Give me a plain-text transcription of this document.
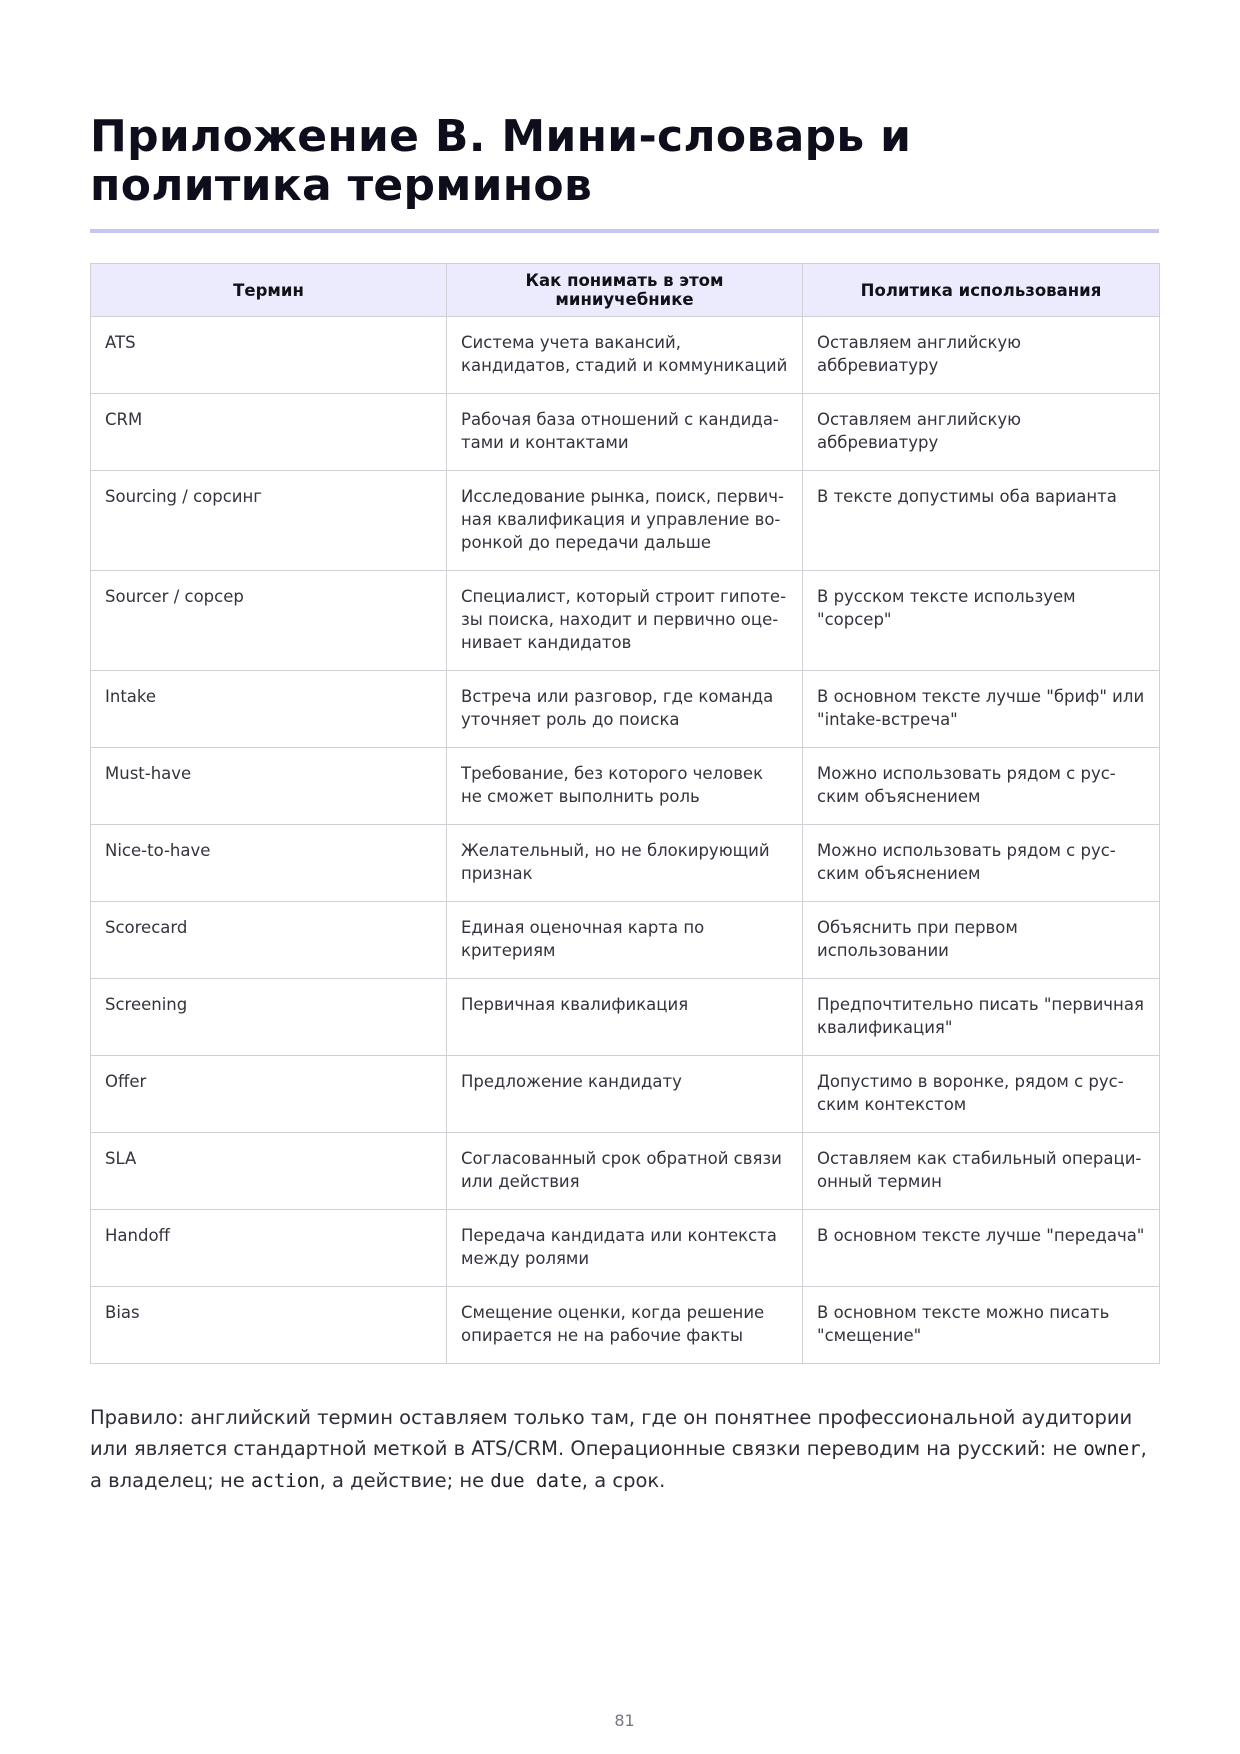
Приложение В. Мини-словарь и политика терминов
Термин	Как понимать в этом миниучебнике	Политика использования
ATS	Система учета вакансий, кандидатов, стадий и коммуникаций	Оставляем английскую аббревиатуру
CRM	Рабочая база отношений с кандида-тами и контактами	Оставляем английскую аббревиатуру
Sourcing / сорсинг	Исследование рынка, поиск, первич-ная квалификация и управление во-ронкой до передачи дальше	В тексте допустимы оба варианта
Sourcer / сорсер	Специалист, который строит гипоте-зы поиска, находит и первично оце-нивает кандидатов	В русском тексте используем "сорсер"
Intake	Встреча или разговор, где команда уточняет роль до поиска	В основном тексте лучше "бриф" или "intake-встреча"
Must-have	Требование, без которого человек не сможет выполнить роль	Можно использовать рядом с рус-ским объяснением
Nice-to-have	Желательный, но не блокирующий признак	Можно использовать рядом с рус-ским объяснением
Scorecard	Единая оценочная карта по критериям	Объяснить при первом использовании
Screening	Первичная квалификация	Предпочтительно писать "первичная квалификация"
Offer	Предложение кандидату	Допустимо в воронке, рядом с рус-ским контекстом
SLA	Согласованный срок обратной связи или действия	Оставляем как стабильный операци-онный термин
Handoff	Передача кандидата или контекста между ролями	В основном тексте лучше "передача"
Bias	Смещение оценки, когда решение опирается не на рабочие факты	В основном тексте можно писать "смещение"

Правило: английский термин оставляем только там, где он понятнее профессиональной аудитории или является стандартной меткой в ATS/CRM. Операционные связки переводим на русский: не owner, а владелец; не action, а действие; не due date, а срок.

81
